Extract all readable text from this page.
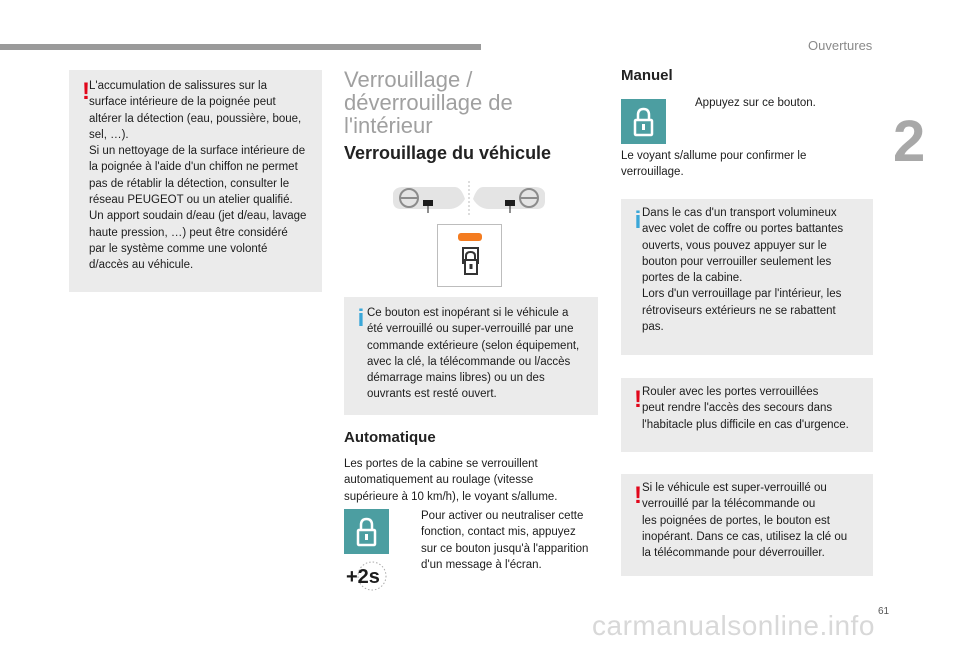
Ouvertures
2
61
carmanualsonline.info
! L'accumulation de salissures sur la
surface intérieure de la poignée peut
altérer la détection (eau, poussière, boue,
sel, …).
Si un nettoyage de la surface intérieure de
la poignée à l'aide d'un chiffon ne permet
pas de rétablir la détection, consulter le
réseau PEUGEOT ou un atelier qualifié.
Un apport soudain d/eau (jet d/eau, lavage
haute pression, …) peut être considéré
par le système comme une volonté
d/accès au véhicule.

Verrouillage /
déverrouillage de
l'intérieur
Verrouillage du véhicule
i Ce bouton est inopérant si le véhicule a
été verrouillé ou super-verrouillé par une
commande extérieure (selon équipement,
avec la clé, la télécommande ou l/accès
démarrage mains libres) ou un des
ouvrants est resté ouvert.

Automatique

Les portes de la cabine se verrouillent
automatiquement au roulage (vitesse
supérieure à 10 km/h), le voyant s/allume.

Pour activer ou neutraliser cette
fonction, contact mis, appuyez
sur ce bouton jusqu'à l'apparition
d'un message à l'écran.

+2s
Manuel

Appuyez sur ce bouton.

Le voyant s/allume pour confirmer le
verrouillage.

i Dans le cas d'un transport volumineux
avec volet de coffre ou portes battantes
ouverts, vous pouvez appuyer sur le
bouton pour verrouiller seulement les
portes de la cabine.
Lors d'un verrouillage par l'intérieur, les
rétroviseurs extérieurs ne se rabattent
pas.

! Rouler avec les portes verrouillées
peut rendre l'accès des secours dans
l'habitacle plus difficile en cas d'urgence.

! Si le véhicule est super-verrouillé ou
verrouillé par la télécommande ou
les poignées de portes, le bouton est
inopérant. Dans ce cas, utilisez la clé ou
la télécommande pour déverrouiller.
